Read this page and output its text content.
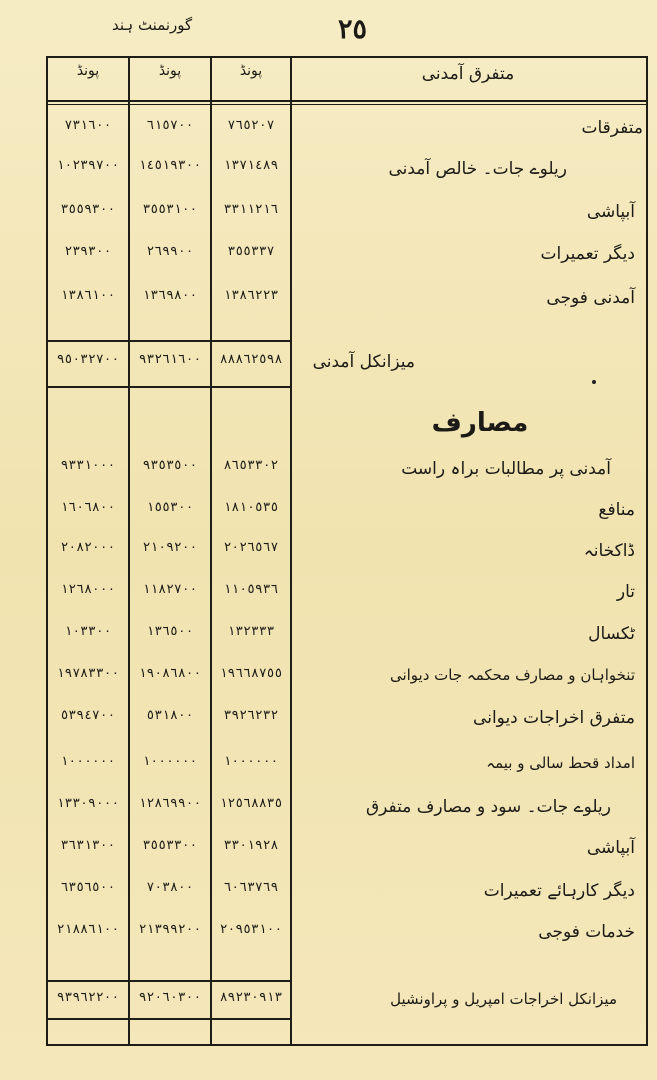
گورنمنٹ ہند	٢٥
پونڈ	پونڈ	پونڈ	متفرق آمدنی
٧٣١٦٠٠	٦١٥٧٠٠	٧٦٥٢٠٧	متفرقات
١٠٢٣٩٧٠٠	١٤٥١٩٣٠٠	١٣٧١٤٨٩	ریلوے جات۔ خالص آمدنی
٣٥٥٩٣٠٠	٣٥٥٣١٠٠	٣٣١١٢١٦	آبپاشی
٢٣٩٣٠٠	٢٦٩٩٠٠	٣٥٥٣٣٧	دیگر تعمیرات
١٣٨٦١٠٠	١٣٦٩٨٠٠	١٣٨٦٢٢٣	آمدنی فوجی
٩٥٠٣٢٧٠٠	٩٣٢٦١٦٠٠	٨٨٨٦٢٥٩٨	میزانکل آمدنی
مصارف
٩٣٣١٠٠٠	٩٣٥٣٥٠٠	٨٦٥٣٣٠٢	آمدنی پر مطالبات براہ راست
١٦٠٦٨٠٠	١٥٥٣٠٠	١٨١٠٥٣٥	منافع
٢٠٨٢٠٠٠	٢١٠٩٢٠٠	٢٠٢٦٥٦٧	ڈاکخانہ
١٢٦٨٠٠٠	١١٨٢٧٠٠	١١٠٥٩٣٦	تار
١٠٣٣٠٠	١٣٦٥٠٠	١٣٢٣٣٣	ٹکسال
١٩٧٨٣٣٠٠	١٩٠٨٦٨٠٠	١٩٦٦٨٧٥٥	تنخواہان و مصارف محکمہ جات دیوانی
٥٣٩٤٧٠٠	٥٣١٨٠٠	٣٩٢٦٢٣٢	متفرق اخراجات دیوانی
١٠٠٠٠٠٠	١٠٠٠٠٠٠	١٠٠٠٠٠٠	امداد قحط سالی و بیمہ
١٣٣٠٩٠٠٠	١٢٨٦٩٩٠٠	١٢٥٦٨٨٣٥	ریلوے جات۔ سود و مصارف متفرق
٣٦٣١٣٠٠	٣٥٥٣٣٠٠	٣٣٠١٩٢٨	آبپاشی
٦٣٥٦٥٠٠	٧٠٣٨٠٠	٦٠٦٣٧٦٩	دیگر کارہائے تعمیرات
٢١٨٨٦١٠٠	٢١٣٩٩٢٠٠	٢٠٩٥٣١٠٠	خدمات فوجی
٩٣٩٦٢٢٠٠	٩٢٠٦٠٣٠٠	٨٩٢٣٠٩١٣	میزانکل اخراجات امپریل و پراونشیل
